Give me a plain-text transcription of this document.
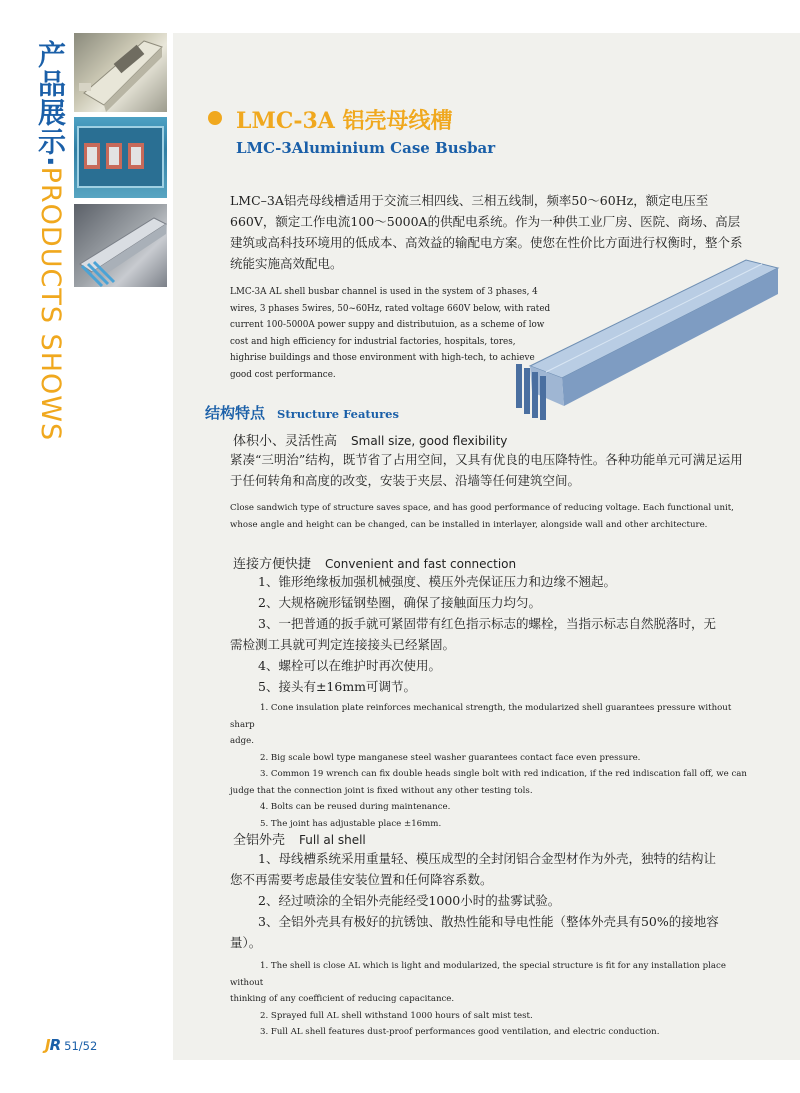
产品展示·PRODUCTS SHOWS
LMC-3A 铝壳母线槽
LMC-3Aluminium Case Busbar

LMC–3A铝壳母线槽适用于交流三相四线、三相五线制，频率50～60Hz，额定电压至660V，额定工作电流100～5000A的供配电系统。作为一种供工业厂房、医院、商场、高层建筑或高科技环境用的低成本、高效益的输配电方案。使您在性价比方面进行权衡时，整个系统能实施高效配电。

LMC-3A AL shell busbar channel is used in the system of 3 phases, 4 wires, 3 phases 5wires, 50~60Hz, rated voltage 660V below, with rated current 100-5000A power suppy and distributuion, as a scheme of low cost and high efficiency for industrial factories, hospitals, tores, highrise buildings and those environment with high-tech, to achieve good cost performance.

结构特点 Structure Features
体积小、灵活性高 Small size, good flexibility

紧凑“三明治”结构，既节省了占用空间，又具有优良的电压降特性。各种功能单元可满足运用于任何转角和高度的改变，安装于夹层、沿墙等任何建筑空间。

Close sandwich type of structure saves space, and has good performance of reducing voltage. Each functional unit, whose angle and height can be changed, can be installed in interlayer, alongside wall and other architecture.

连接方便快捷 Convenient and fast connection
1、锥形绝缘板加强机械强度、模压外壳保证压力和边缘不翘起。
2、大规格碗形锰钢垫圈，确保了接触面压力均匀。
3、一把普通的扳手就可紧固带有红色指示标志的螺栓，当指示标志自然脱落时，无
需检测工具就可判定连接接头已经紧固。
4、螺栓可以在维护时再次使用。
5、接头有±16mm可调节。
1. Cone insulation plate reinforces mechanical strength, the modularized shell guarantees pressure without sharp
adge.
2. Big scale bowl type manganese steel washer guarantees contact face even pressure.
3. Common 19 wrench can fix double heads single bolt with red indication, if the red indiscation fall off, we can
judge that the connection joint is fixed without any other testing tols.
4. Bolts can be reused during maintenance.
5. The joint has adjustable place ±16mm.
全铝外壳 Full al shell
1、母线槽系统采用重量轻、模压成型的全封闭铝合金型材作为外壳，独特的结构让
您不再需要考虑最佳安装位置和任何降容系数。
2、经过喷涂的全铝外壳能经受1000小时的盐雾试验。
3、全铝外壳具有极好的抗锈蚀、散热性能和导电性能（整体外壳具有50%的接地容
量）。
1. The shell is close AL which is light and modularized, the special structure is fit for any installation place without
thinking of any coefficient of reducing capacitance.
2. Sprayed full AL shell withstand 1000 hours of salt mist test.
3. Full AL shell features dust-proof performances good ventilation, and electric conduction.
JR 51/52
